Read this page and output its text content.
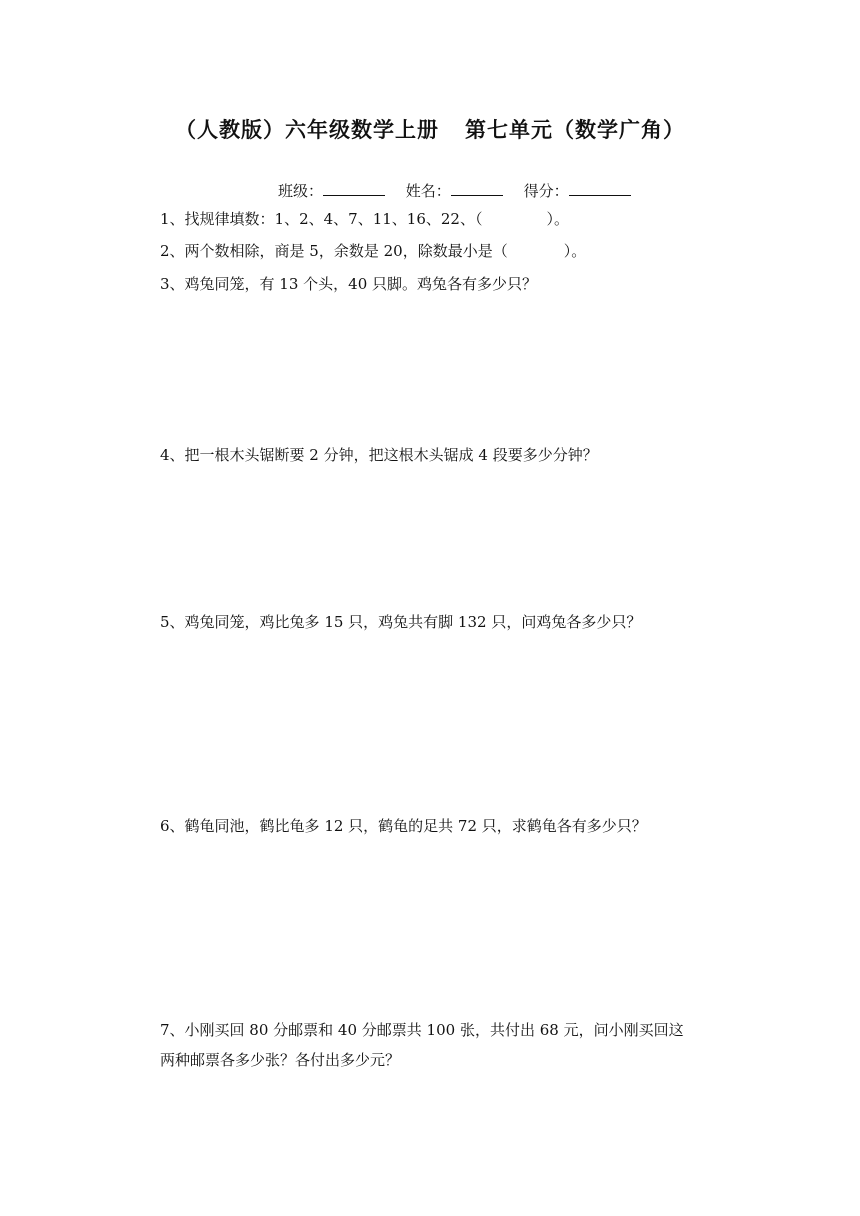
（人教版）六年级数学上册 第七单元（数学广角）
班级：	姓名：	得分：
1、找规律填数：1、2、4、7、11、16、22、（	）。
2、两个数相除，商是 5，余数是 20，除数最小是（	）。
3、鸡兔同笼，有 13 个头，40 只脚。鸡兔各有多少只？
4、把一根木头锯断要 2 分钟，把这根木头锯成 4 段要多少分钟？
5、鸡兔同笼，鸡比兔多 15 只，鸡兔共有脚 132 只，问鸡兔各多少只？
6、鹤龟同池，鹤比龟多 12 只，鹤龟的足共 72 只，求鹤龟各有多少只？
7、小刚买回 80 分邮票和 40 分邮票共 100 张，共付出 68 元，问小刚买回这
两种邮票各多少张？各付出多少元？
